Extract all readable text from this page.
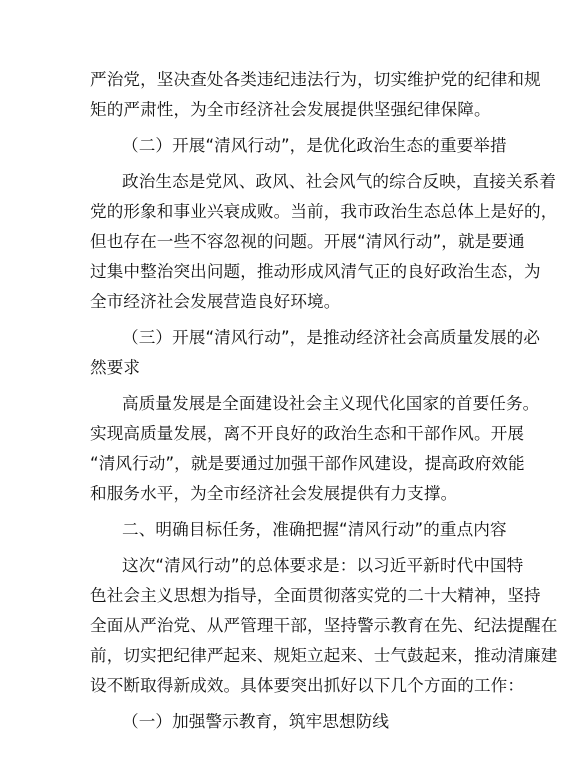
严治党，坚决查处各类违纪违法行为，切实维护党的纪律和规
矩的严肃性，为全市经济社会发展提供坚强纪律保障。
（二）开展“清风行动”，是优化政治生态的重要举措
政治生态是党风、政风、社会风气的综合反映，直接关系着
党的形象和事业兴衰成败。当前，我市政治生态总体上是好的，
但也存在一些不容忽视的问题。开展“清风行动”，就是要通
过集中整治突出问题，推动形成风清气正的良好政治生态，为
全市经济社会发展营造良好环境。
（三）开展“清风行动”，是推动经济社会高质量发展的必
然要求
高质量发展是全面建设社会主义现代化国家的首要任务。
实现高质量发展，离不开良好的政治生态和干部作风。开展
“清风行动”，就是要通过加强干部作风建设，提高政府效能
和服务水平，为全市经济社会发展提供有力支撑。
二、明确目标任务，准确把握“清风行动”的重点内容
这次“清风行动”的总体要求是：以习近平新时代中国特
色社会主义思想为指导，全面贯彻落实党的二十大精神，坚持
全面从严治党、从严管理干部，坚持警示教育在先、纪法提醒在
前，切实把纪律严起来、规矩立起来、士气鼓起来，推动清廉建
设不断取得新成效。具体要突出抓好以下几个方面的工作：
（一）加强警示教育，筑牢思想防线
